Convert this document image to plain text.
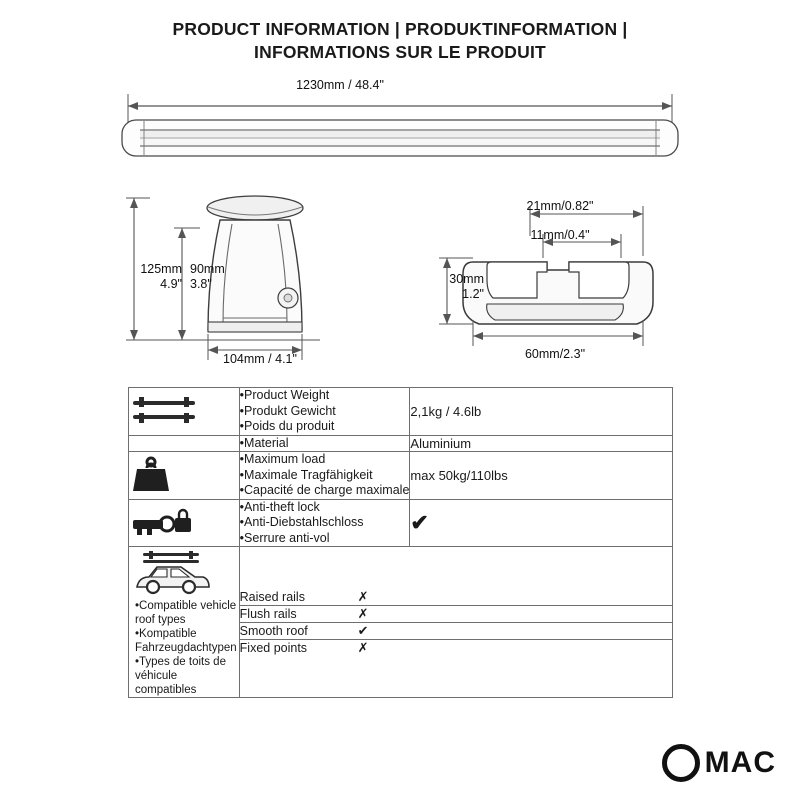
PRODUCT INFORMATION | PRODUKTINFORMATION |
INFORMATIONS SUR LE PRODUIT
1230mm / 48.4"
125mm
4.9"
90mm
3.8"
104mm / 4.1"
21mm/0.82"
11mm/0.4"
30mm
1.2"
60mm/2.3"

•Product Weight
•Produkt Gewicht
•Poids du produit
	2,1kg / 4.6lb

•Material	Aluminium

•Maximum load
•Maximale Tragfähigkeit
•Capacité de charge maximale
	max 50kg/110lbs

•Anti-theft lock
•Anti-Diebstahlschloss
•Serrure anti-vol
	✔

•Compatible vehicle roof types
•Kompatible Fahrzeugdachtypen
•Types de toits de véhicule compatibles

Raised rails	✗
Flush rails	✗
Smooth roof	✔
Fixed points	✗
MAC
